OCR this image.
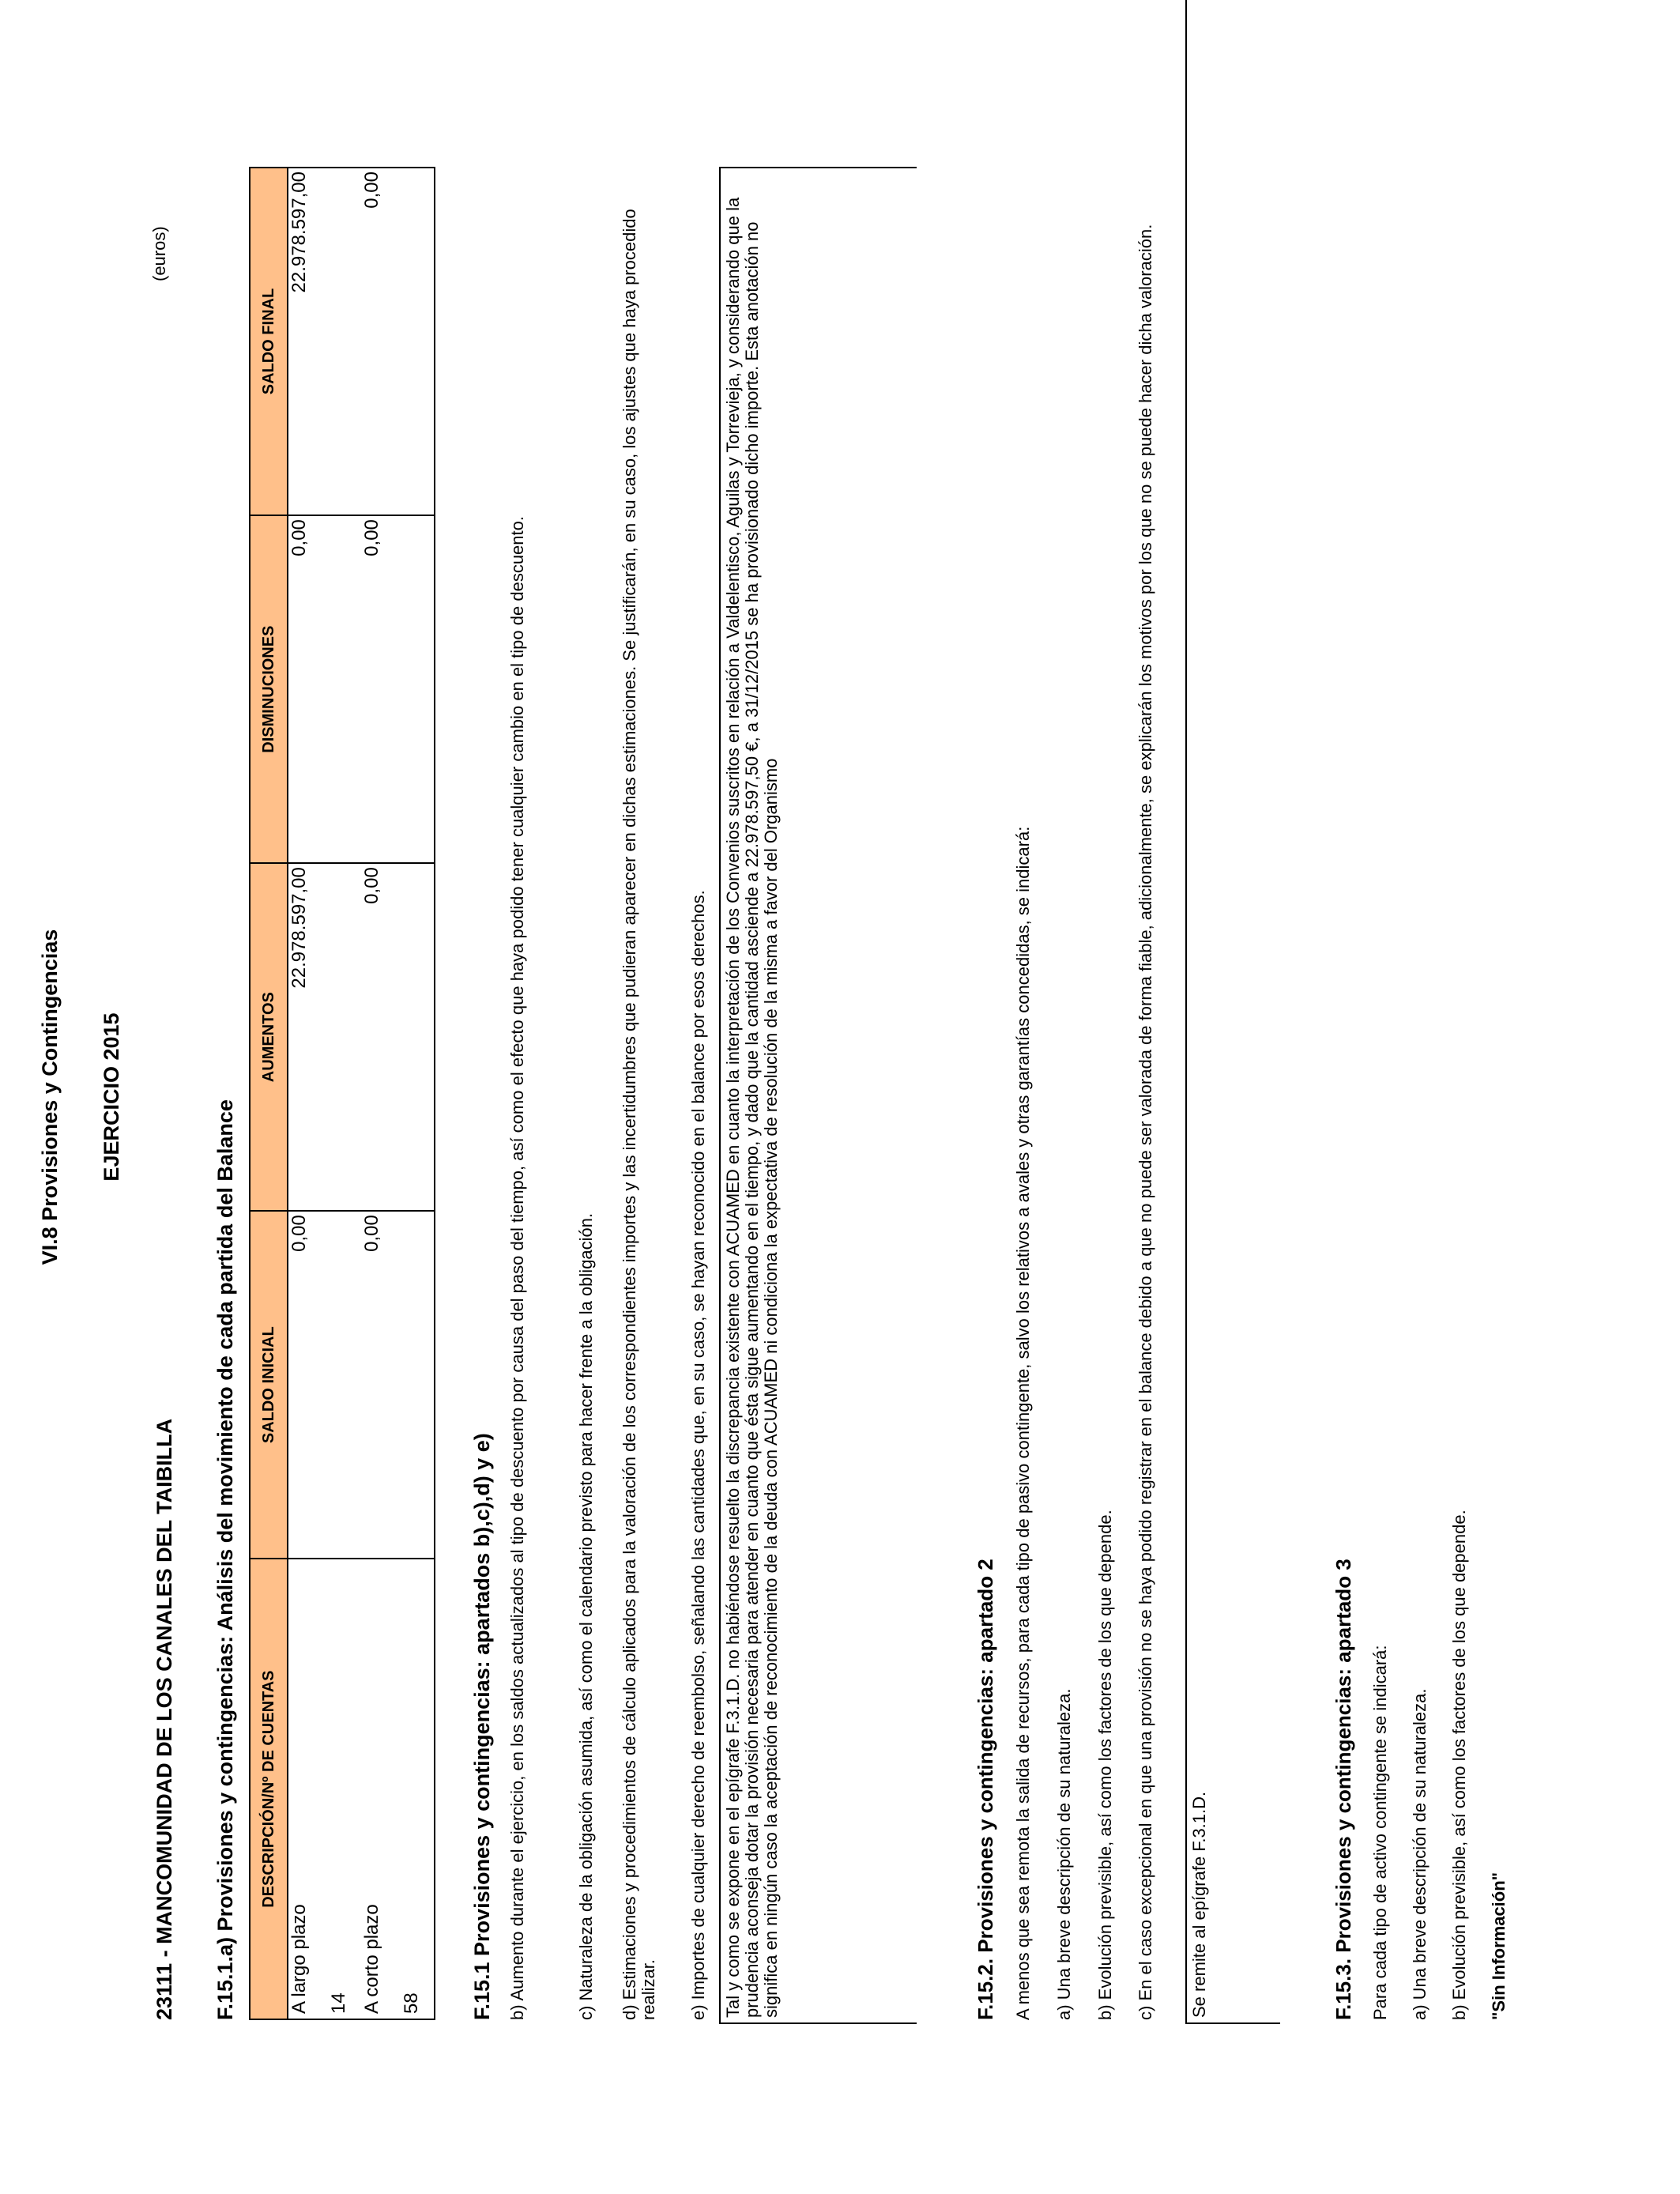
VI.8 Provisiones y Contingencias EJERCICIO 2015
23111 - MANCOMUNIDAD DE LOS CANALES DEL TAIBILLA
(euros)
F.15.1.a) Provisiones y contingencias: Análisis del movimiento de cada partida del Balance DESCRIPCIÓN/Nº DE CUENTAS	SALDO INICIAL	AUMENTOS	DISMINUCIONES	SALDO FINAL
A largo plazo	0,00	22.978.597,00	0,00	22.978.597,00
14				
A corto plazo	0,00	0,00	0,00	0,00
58				F.15.1 Provisiones y contingencias: apartados b),c),d) y e) b) Aumento durante el ejercicio, en los saldos actualizados al tipo de descuento por causa del paso del tiempo, así como el efecto que haya podido tener cualquier cambio en el tipo de descuento.	c) Naturaleza de la obligación asumida, así como el calendario previsto para hacer frente a la obligación. d) Estimaciones y procedimientos de cálculo aplicados para la valoración de los correspondientes importes y las incertidumbres que pudieran aparecer en dichas estimaciones. Se justificarán, en su caso, los ajustes que haya procedido realizar. e) Importes de cualquier derecho de reembolso, señalando las cantidades que, en su caso, se hayan reconocido en el balance por esos derechos. Tal y como se expone en el epígrafe F.3.1.D. no habiéndose resuelto la discrepancia existente con ACUAMED en cuanto la interpretación de los Convenios suscritos en relación a Valdelentisco, Aguilas y Torrevieja, y considerando que la prudencia aconseja dotar la provisión necesaria para atender en cuanto que ésta sigue aumentando en el tiempo, y dado que la cantidad asciende a 22.978.597,50 €, a 31/12/2015 se ha provisionado dicho importe. Esta anotación no significa en ningún caso la aceptación de reconocimiento de la deuda con ACUAMED ni condiciona la expectativa de resolución de la misma a favor del Organismo	F.15.2. Provisiones y contingencias: apartado 2 A menos que sea remota la salida de recursos, para cada tipo de pasivo contingente, salvo los relativos a avales y otras garantías concedidas, se indicará: a) Una breve descripción de su naturaleza. b) Evolución previsible, así como los factores de los que depende. c) En el caso excepcional en que una provisión no se haya podido registrar en el balance debido a que no puede ser valorada de forma fiable, adicionalmente, se explicarán los motivos por los que no se puede hacer dicha valoración. Se remite al epígrafe F.3.1.D.	F.15.3. Provisiones y contingencias: apartado 3 Para cada tipo de activo contingente se indicará: a) Una breve descripción de su naturaleza. b) Evolución previsible, así como los factores de los que depende. "Sin Información"
